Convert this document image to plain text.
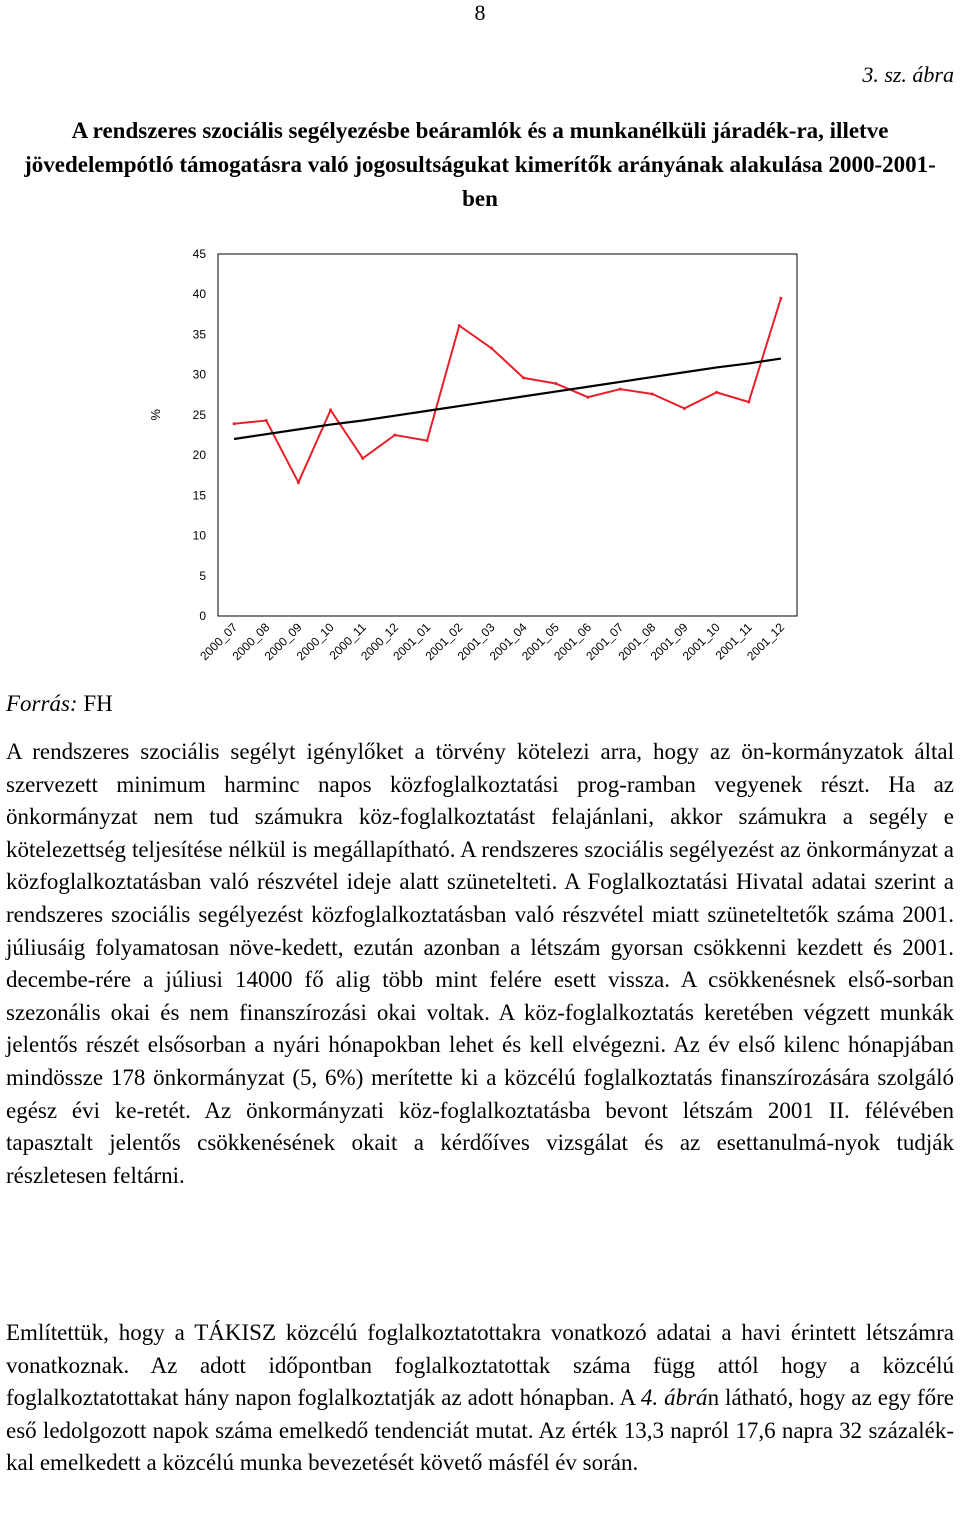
8
3. sz. ábra
A rendszeres szociális segélyezésbe beáramlók és a munkanélküli járadék-ra, illetve jövedelempótló támogatásra való jogosultságukat kimerítők arányának alakulása 2000-2001-ben
0
5
10
15
20
25
30
35
40
45
%
2000_07
2000_08
2000_09
2000_10
2000_11
2000_12
2001_01
2001_02
2001_03
2001_04
2001_05
2001_06
2001_07
2001_08
2001_09
2001_10
2001_11
2001_12
Forrás: FH

A rendszeres szociális segélyt igénylőket a törvény kötelezi arra, hogy az ön-kormányzatok által szervezett minimum harminc napos közfoglalkoztatási prog-ramban vegyenek részt. Ha az önkormányzat nem tud számukra köz-foglalkoztatást felajánlani, akkor számukra a segély e kötelezettség teljesítése nélkül is megállapítható. A rendszeres szociális segélyezést az önkormányzat a közfoglalkoztatásban való részvétel ideje alatt szünetelteti. A Foglalkoztatási Hivatal adatai szerint a rendszeres szociális segélyezést közfoglalkoztatásban való részvétel miatt szüneteltetők száma 2001. júliusáig folyamatosan növe-kedett, ezután azonban a létszám gyorsan csökkenni kezdett és 2001. decembe-rére a júliusi 14000 fő alig több mint felére esett vissza. A csökkenésnek első-sorban szezonális okai és nem finanszírozási okai voltak. A köz-foglalkoztatás keretében végzett munkák jelentős részét elsősorban a nyári hónapokban lehet és kell elvégezni. Az év első kilenc hónapjában mindössze 178 önkormányzat (5, 6%) merítette ki a közcélú foglalkoztatás finanszírozására szolgáló egész évi ke-retét. Az önkormányzati köz-foglalkoztatásba bevont létszám 2001 II. félévében tapasztalt jelentős csökkenésének okait a kérdőíves vizsgálat és az esettanulmá-nyok tudják részletesen feltárni.

Említettük, hogy a TÁKISZ közcélú foglalkoztatottakra vonatkozó adatai a havi érintett létszámra vonatkoznak. Az adott időpontban foglalkoztatottak száma függ attól hogy a közcélú foglalkoztatottakat hány napon foglalkoztatják az adott hónapban. A 4. ábrán látható, hogy az egy főre eső ledolgozott napok száma emelkedő tendenciát mutat. Az érték 13,3 napról 17,6 napra 32 százalék-kal emelkedett a közcélú munka bevezetését követő másfél év során.
